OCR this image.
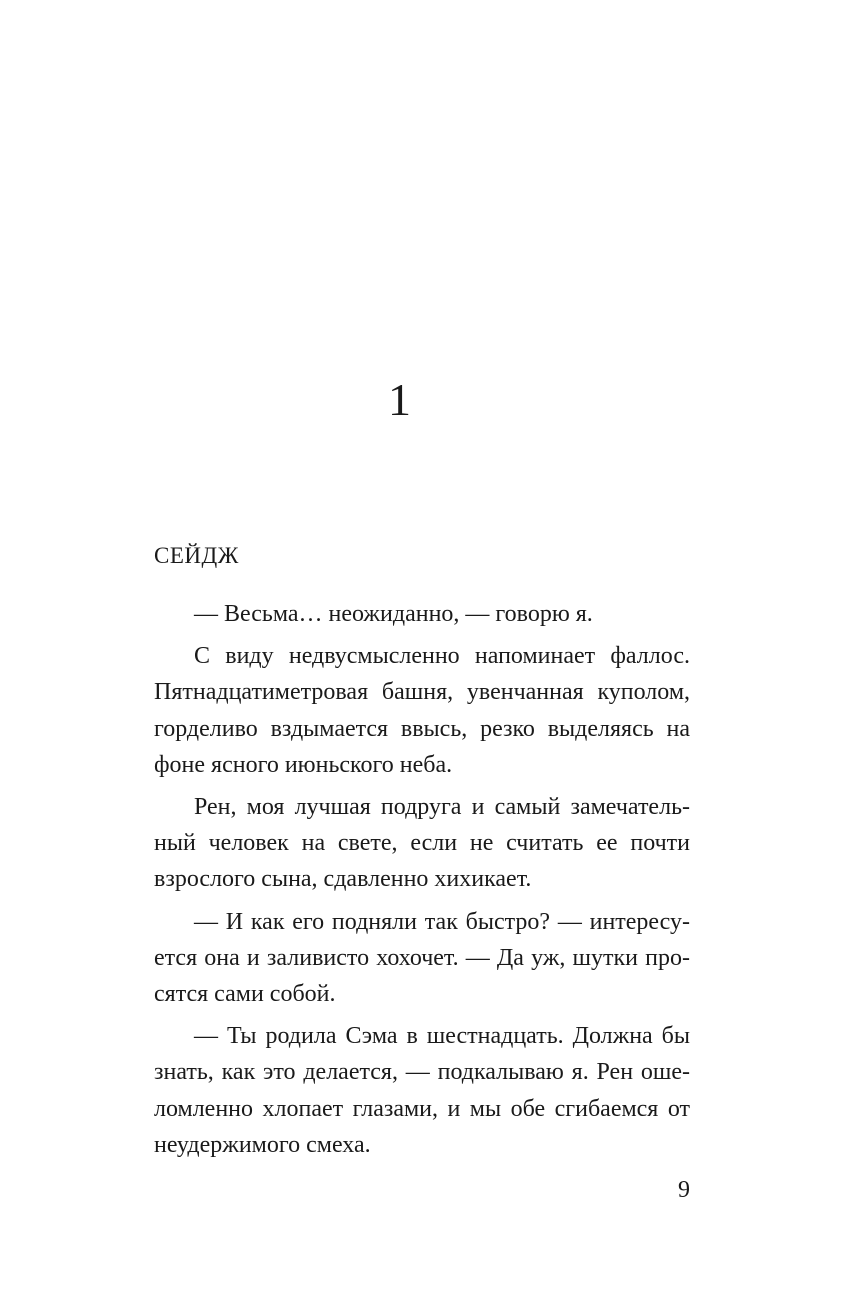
1
СЕЙДЖ
— Весьма… неожиданно, — говорю я.
С виду недвусмысленно напоминает фаллос.
Пятнадцатиметровая башня, увенчанная куполом,
горделиво вздымается ввысь, резко выделяясь на
фоне ясного июньского неба.
Рен, моя лучшая подруга и самый замечатель-
ный человек на свете, если не считать ее почти
взрослого сына, сдавленно хихикает.
— И как его подняли так быстро? — интересу-
ется она и заливисто хохочет. — Да уж, шутки про-
сятся сами собой.
— Ты родила Сэма в шестнадцать. Должна бы
знать, как это делается, — подкалываю я. Рен оше-
ломленно хлопает глазами, и мы обе сгибаемся от
неудержимого смеха.
9
